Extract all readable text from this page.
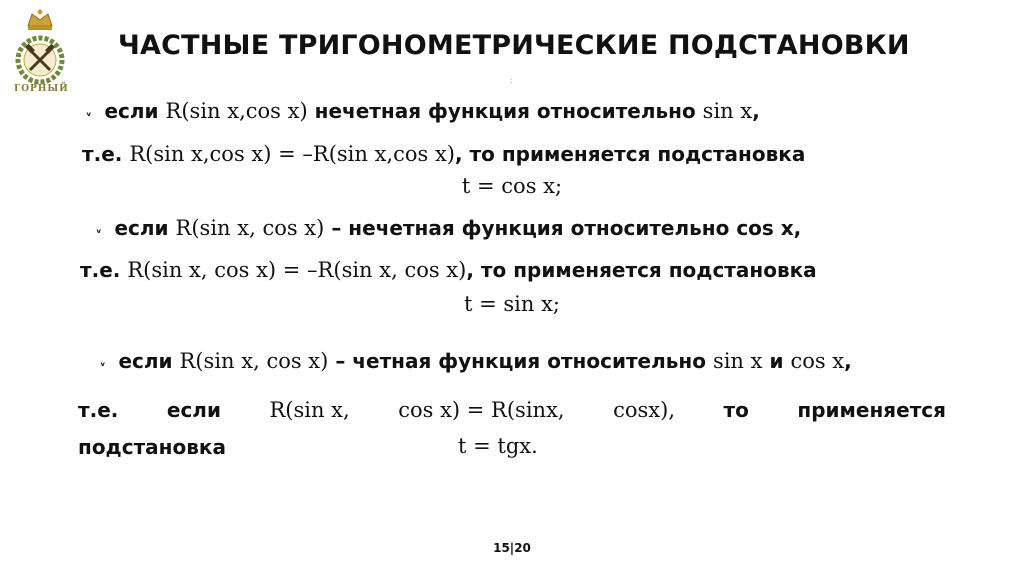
ГОРНЫЙ
ЧАСТНЫЕ ТРИГОНОМЕТРИЧЕСКИЕ ПОДСТАНОВКИ
:
ᵥ если R(sin x,cos x) нечетная функция относительно sin x,
т.е. R(sin x,cos x) = –R(sin x,cos x), то применяется подстановка
t = cos x;
ᵥ если R(sin x, cos x) – нечетная функция относительно cos x,
т.е. R(sin x, cos x) = –R(sin x, cos x), то применяется подстановка
t = sin x;
ᵥ если R(sin x, cos x) – четная функция относительно sin x и cos x,
т.е. если R(sin x, cos x) = R(sinx, cosx), то применяется
подстановка	t = tgx.
15|20
